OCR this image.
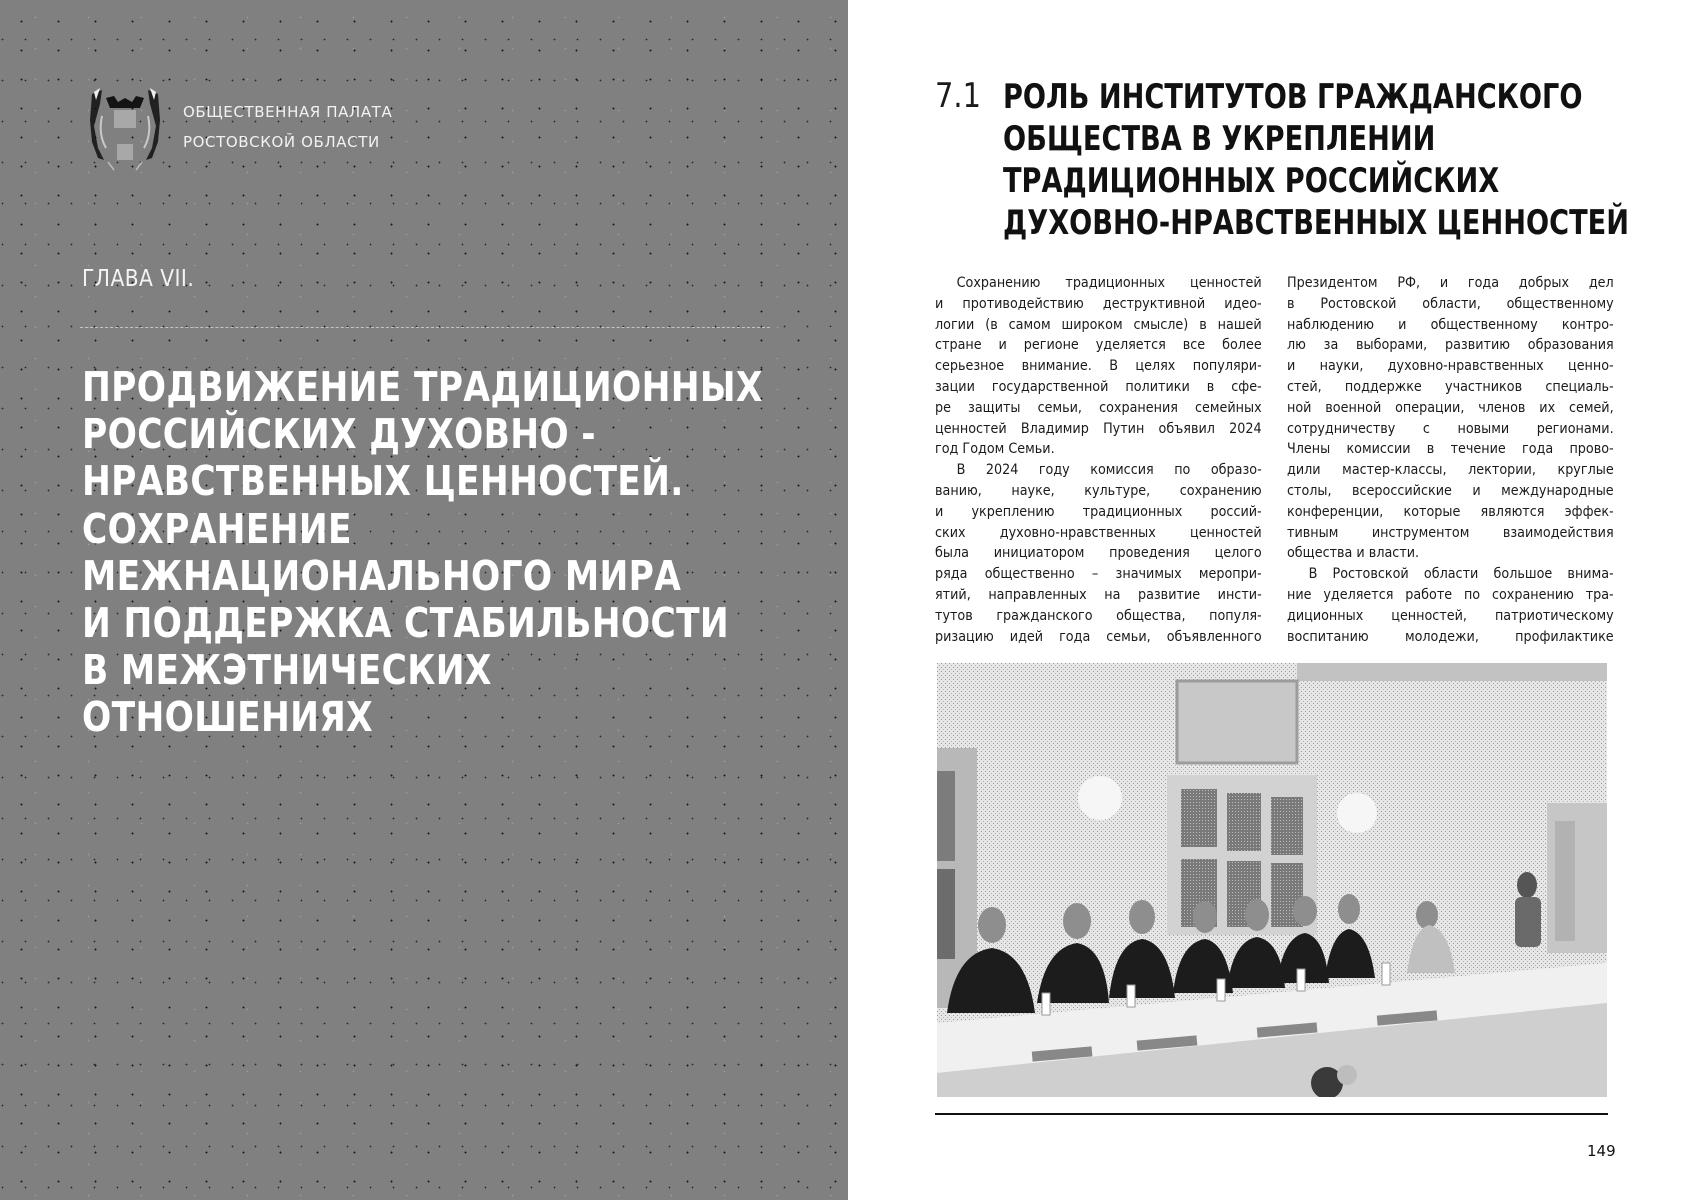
ОБЩЕСТВЕННАЯ ПАЛАТА
РОСТОВСКОЙ ОБЛАСТИ
ГЛАВА VII.
ПРОДВИЖЕНИЕ ТРАДИЦИОННЫХ
РОССИЙСКИХ ДУХОВНО -
НРАВСТВЕННЫХ ЦЕННОСТЕЙ.
СОХРАНЕНИЕ
МЕЖНАЦИОНАЛЬНОГО МИРА
И ПОДДЕРЖКА СТАБИЛЬНОСТИ
В МЕЖЭТНИЧЕСКИХ
ОТНОШЕНИЯХ
7.1 РОЛЬ ИНСТИТУТОВ ГРАЖДАНСКОГО
ОБЩЕСТВА В УКРЕПЛЕНИИ
ТРАДИЦИОННЫХ РОССИЙСКИХ
ДУХОВНО-НРАВСТВЕННЫХ ЦЕННОСТЕЙ
Сохранению традиционных ценностей
и противодействию деструктивной идео-
логии (в самом широком смысле) в нашей
стране и регионе уделяется все более
серьезное внимание. В целях популяри-
зации государственной политики в сфе-
ре защиты семьи, сохранения семейных
ценностей Владимир Путин объявил 2024
год Годом Семьи.
В 2024 году комиссия по образо-
ванию, науке, культуре, сохранению
и укреплению традиционных россий-
ских духовно-нравственных ценностей
была инициатором проведения целого
ряда общественно – значимых меропри-
ятий, направленных на развитие инсти-
тутов гражданского общества, популя-
ризацию идей года семьи, объявленного
Президентом РФ, и года добрых дел
в Ростовской области, общественному
наблюдению и общественному контро-
лю за выборами, развитию образования
и науки, духовно-нравственных ценно-
стей, поддержке участников специаль-
ной военной операции, членов их семей,
сотрудничеству с новыми регионами.
Члены комиссии в течение года прово-
дили мастер-классы, лектории, круглые
столы, всероссийские и международные
конференции, которые являются эффек-
тивным инструментом взаимодействия
общества и власти.
В Ростовской области большое внима-
ние уделяется работе по сохранению тра-
диционных ценностей, патриотическому
воспитанию молодежи, профилактике
149
